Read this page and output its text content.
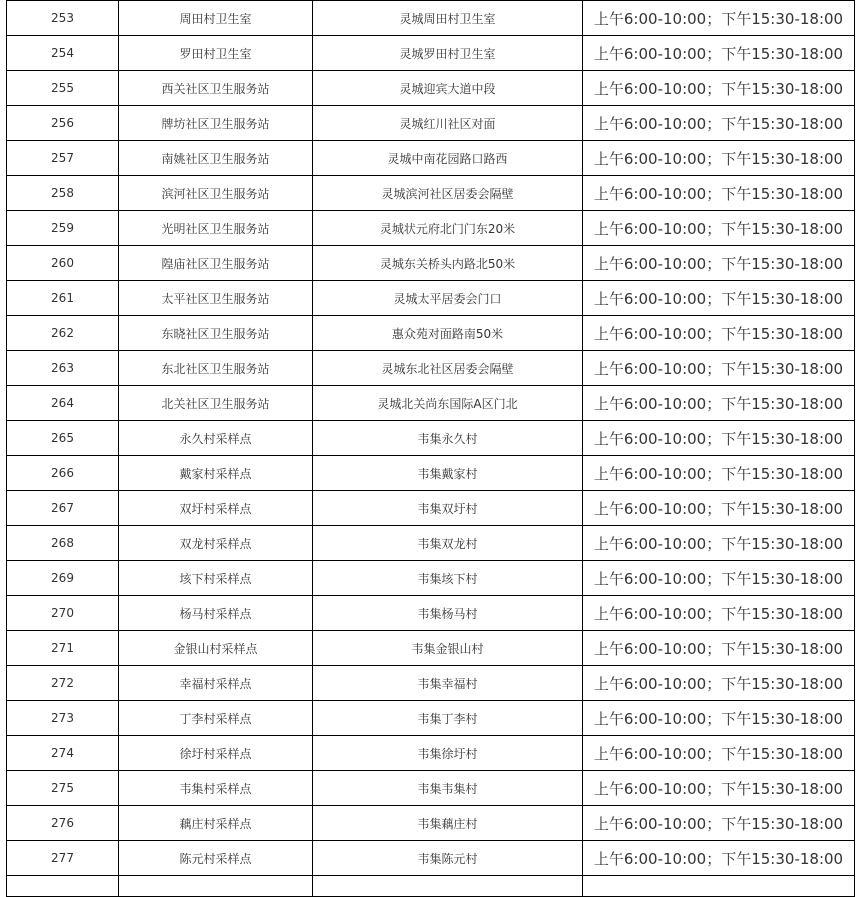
253	周田村卫生室	灵城周田村卫生室	上午6:00-10:00；下午15:30-18:00
254	罗田村卫生室	灵城罗田村卫生室	上午6:00-10:00；下午15:30-18:00
255	西关社区卫生服务站	灵城迎宾大道中段	上午6:00-10:00；下午15:30-18:00
256	牌坊社区卫生服务站	灵城红川社区对面	上午6:00-10:00；下午15:30-18:00
257	南姚社区卫生服务站	灵城中南花园路口路西	上午6:00-10:00；下午15:30-18:00
258	滨河社区卫生服务站	灵城滨河社区居委会隔壁	上午6:00-10:00；下午15:30-18:00
259	光明社区卫生服务站	灵城状元府北门门东20米	上午6:00-10:00；下午15:30-18:00
260	隍庙社区卫生服务站	灵城东关桥头内路北50米	上午6:00-10:00；下午15:30-18:00
261	太平社区卫生服务站	灵城太平居委会门口	上午6:00-10:00；下午15:30-18:00
262	东晓社区卫生服务站	惠众苑对面路南50米	上午6:00-10:00；下午15:30-18:00
263	东北社区卫生服务站	灵城东北社区居委会隔壁	上午6:00-10:00；下午15:30-18:00
264	北关社区卫生服务站	灵城北关尚东国际A区门北	上午6:00-10:00；下午15:30-18:00
265	永久村采样点	韦集永久村	上午6:00-10:00；下午15:30-18:00
266	戴家村采样点	韦集戴家村	上午6:00-10:00；下午15:30-18:00
267	双圩村采样点	韦集双圩村	上午6:00-10:00；下午15:30-18:00
268	双龙村采样点	韦集双龙村	上午6:00-10:00；下午15:30-18:00
269	垓下村采样点	韦集垓下村	上午6:00-10:00；下午15:30-18:00
270	杨马村采样点	韦集杨马村	上午6:00-10:00；下午15:30-18:00
271	金银山村采样点	韦集金银山村	上午6:00-10:00；下午15:30-18:00
272	幸福村采样点	韦集幸福村	上午6:00-10:00；下午15:30-18:00
273	丁李村采样点	韦集丁李村	上午6:00-10:00；下午15:30-18:00
274	徐圩村采样点	韦集徐圩村	上午6:00-10:00；下午15:30-18:00
275	韦集村采样点	韦集韦集村	上午6:00-10:00；下午15:30-18:00
276	藕庄村采样点	韦集藕庄村	上午6:00-10:00；下午15:30-18:00
277	陈元村采样点	韦集陈元村	上午6:00-10:00；下午15:30-18:00
